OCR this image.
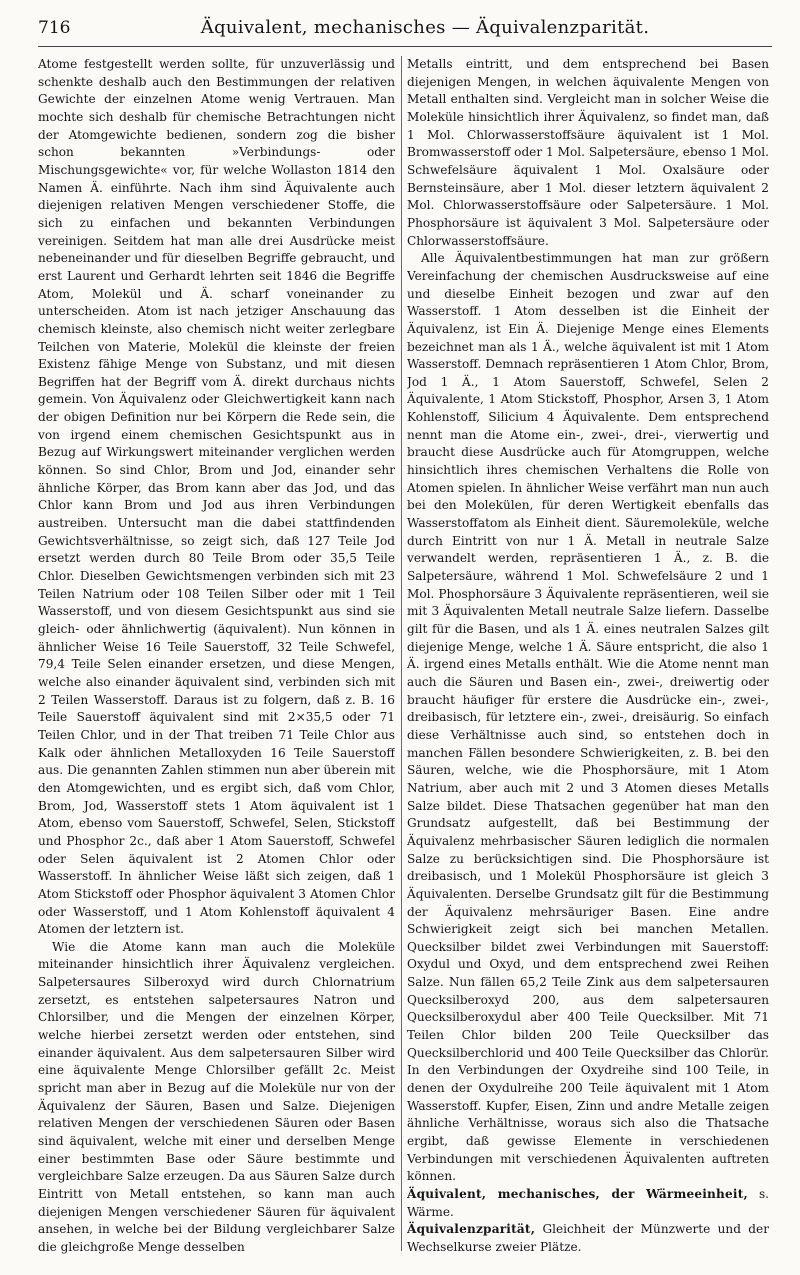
716	Äquivalent, mechanisches — Äquivalenzparität.

Atome festgestellt werden sollte, für unzuverlässig und schenkte deshalb auch den Bestimmungen der relativen Gewichte der einzelnen Atome wenig Vertrauen. Man mochte sich deshalb für chemische Betrachtungen nicht der Atomgewichte bedienen, sondern zog die bisher schon bekannten »Verbindungs- oder Mischungsgewichte« vor, für welche Wollaston 1814 den Namen Ä. einführte. Nach ihm sind Äquivalente auch diejenigen relativen Mengen verschiedener Stoffe, die sich zu einfachen und bekannten Verbindungen vereinigen. Seitdem hat man alle drei Ausdrücke meist nebeneinander und für dieselben Begriffe gebraucht, und erst Laurent und Gerhardt lehrten seit 1846 die Begriffe Atom, Molekül und Ä. scharf voneinander zu unterscheiden. Atom ist nach jetziger Anschauung das chemisch kleinste, also chemisch nicht weiter zerlegbare Teilchen von Materie, Molekül die kleinste der freien Existenz fähige Menge von Substanz, und mit diesen Begriffen hat der Begriff vom Ä. direkt durchaus nichts gemein. Von Äquivalenz oder Gleichwertigkeit kann nach der obigen Definition nur bei Körpern die Rede sein, die von irgend einem chemischen Gesichtspunkt aus in Bezug auf Wirkungswert miteinander verglichen werden können. So sind Chlor, Brom und Jod, einander sehr ähnliche Körper, das Brom kann aber das Jod, und das Chlor kann Brom und Jod aus ihren Verbindungen austreiben. Untersucht man die dabei stattfindenden Gewichtsverhältnisse, so zeigt sich, daß 127 Teile Jod ersetzt werden durch 80 Teile Brom oder 35,5 Teile Chlor. Dieselben Gewichtsmengen verbinden sich mit 23 Teilen Natrium oder 108 Teilen Silber oder mit 1 Teil Wasserstoff, und von diesem Gesichtspunkt aus sind sie gleich- oder ähnlichwertig (äquivalent). Nun können in ähnlicher Weise 16 Teile Sauerstoff, 32 Teile Schwefel, 79,4 Teile Selen einander ersetzen, und diese Mengen, welche also einander äquivalent sind, verbinden sich mit 2 Teilen Wasserstoff. Daraus ist zu folgern, daß z. B. 16 Teile Sauerstoff äquivalent sind mit 2×35,5 oder 71 Teilen Chlor, und in der That treiben 71 Teile Chlor aus Kalk oder ähnlichen Metalloxyden 16 Teile Sauerstoff aus. Die genannten Zahlen stimmen nun aber überein mit den Atomgewichten, und es ergibt sich, daß vom Chlor, Brom, Jod, Wasserstoff stets 1 Atom äquivalent ist 1 Atom, ebenso vom Sauerstoff, Schwefel, Selen, Stickstoff und Phosphor 2c., daß aber 1 Atom Sauerstoff, Schwefel oder Selen äquivalent ist 2 Atomen Chlor oder Wasserstoff. In ähnlicher Weise läßt sich zeigen, daß 1 Atom Stickstoff oder Phosphor äquivalent 3 Atomen Chlor oder Wasserstoff, und 1 Atom Kohlenstoff äquivalent 4 Atomen der letztern ist.

Wie die Atome kann man auch die Moleküle miteinander hinsichtlich ihrer Äquivalenz vergleichen. Salpetersaures Silberoxyd wird durch Chlornatrium zersetzt, es entstehen salpetersaures Natron und Chlorsilber, und die Mengen der einzelnen Körper, welche hierbei zersetzt werden oder entstehen, sind einander äquivalent. Aus dem salpetersauren Silber wird eine äquivalente Menge Chlorsilber gefällt 2c. Meist spricht man aber in Bezug auf die Moleküle nur von der Äquivalenz der Säuren, Basen und Salze. Diejenigen relativen Mengen der verschiedenen Säuren oder Basen sind äquivalent, welche mit einer und derselben Menge einer bestimmten Base oder Säure bestimmte und vergleichbare Salze erzeugen. Da aus Säuren Salze durch Eintritt von Metall entstehen, so kann man auch diejenigen Mengen verschiedener Säuren für äquivalent ansehen, in welche bei der Bildung vergleichbarer Salze die gleichgroße Menge desselben

Metalls eintritt, und dem entsprechend bei Basen diejenigen Mengen, in welchen äquivalente Mengen von Metall enthalten sind. Vergleicht man in solcher Weise die Moleküle hinsichtlich ihrer Äquivalenz, so findet man, daß 1 Mol. Chlorwasserstoffsäure äquivalent ist 1 Mol. Bromwasserstoff oder 1 Mol. Salpetersäure, ebenso 1 Mol. Schwefelsäure äquivalent 1 Mol. Oxalsäure oder Bernsteinsäure, aber 1 Mol. dieser letztern äquivalent 2 Mol. Chlorwasserstoffsäure oder Salpetersäure. 1 Mol. Phosphorsäure ist äquivalent 3 Mol. Salpetersäure oder Chlorwasserstoffsäure.

Alle Äquivalentbestimmungen hat man zur größern Vereinfachung der chemischen Ausdrucksweise auf eine und dieselbe Einheit bezogen und zwar auf den Wasserstoff. 1 Atom desselben ist die Einheit der Äquivalenz, ist Ein Ä. Diejenige Menge eines Elements bezeichnet man als 1 Ä., welche äquivalent ist mit 1 Atom Wasserstoff. Demnach repräsentieren 1 Atom Chlor, Brom, Jod 1 Ä., 1 Atom Sauerstoff, Schwefel, Selen 2 Äquivalente, 1 Atom Stickstoff, Phosphor, Arsen 3, 1 Atom Kohlenstoff, Silicium 4 Äquivalente. Dem entsprechend nennt man die Atome ein-, zwei-, drei-, vierwertig und braucht diese Ausdrücke auch für Atomgruppen, welche hinsichtlich ihres chemischen Verhaltens die Rolle von Atomen spielen. In ähnlicher Weise verfährt man nun auch bei den Molekülen, für deren Wertigkeit ebenfalls das Wasserstoffatom als Einheit dient. Säuremoleküle, welche durch Eintritt von nur 1 Ä. Metall in neutrale Salze verwandelt werden, repräsentieren 1 Ä., z. B. die Salpetersäure, während 1 Mol. Schwefelsäure 2 und 1 Mol. Phosphorsäure 3 Äquivalente repräsentieren, weil sie mit 3 Äquivalenten Metall neutrale Salze liefern. Dasselbe gilt für die Basen, und als 1 Ä. eines neutralen Salzes gilt diejenige Menge, welche 1 Ä. Säure entspricht, die also 1 Ä. irgend eines Metalls enthält. Wie die Atome nennt man auch die Säuren und Basen ein-, zwei-, dreiwertig oder braucht häufiger für erstere die Ausdrücke ein-, zwei-, dreibasisch, für letztere ein-, zwei-, dreisäurig. So einfach diese Verhältnisse auch sind, so entstehen doch in manchen Fällen besondere Schwierigkeiten, z. B. bei den Säuren, welche, wie die Phosphorsäure, mit 1 Atom Natrium, aber auch mit 2 und 3 Atomen dieses Metalls Salze bildet. Diese Thatsachen gegenüber hat man den Grundsatz aufgestellt, daß bei Bestimmung der Äquivalenz mehrbasischer Säuren lediglich die normalen Salze zu berücksichtigen sind. Die Phosphorsäure ist dreibasisch, und 1 Molekül Phosphorsäure ist gleich 3 Äquivalenten. Derselbe Grundsatz gilt für die Bestimmung der Äquivalenz mehrsäuriger Basen. Eine andre Schwierigkeit zeigt sich bei manchen Metallen. Quecksilber bildet zwei Verbindungen mit Sauerstoff: Oxydul und Oxyd, und dem entsprechend zwei Reihen Salze. Nun fällen 65,2 Teile Zink aus dem salpetersauren Quecksilberoxyd 200, aus dem salpetersauren Quecksilberoxydul aber 400 Teile Quecksilber. Mit 71 Teilen Chlor bilden 200 Teile Quecksilber das Quecksilberchlorid und 400 Teile Quecksilber das Chlorür. In den Verbindungen der Oxydreihe sind 100 Teile, in denen der Oxydulreihe 200 Teile äquivalent mit 1 Atom Wasserstoff. Kupfer, Eisen, Zinn und andre Metalle zeigen ähnliche Verhältnisse, woraus sich also die Thatsache ergibt, daß gewisse Elemente in verschiedenen Verbindungen mit verschiedenen Äquivalenten auftreten können.

Äquivalent, mechanisches, der Wärmeeinheit, s. Wärme.

Äquivalenzparität, Gleichheit der Münzwerte und der Wechselkurse zweier Plätze.
